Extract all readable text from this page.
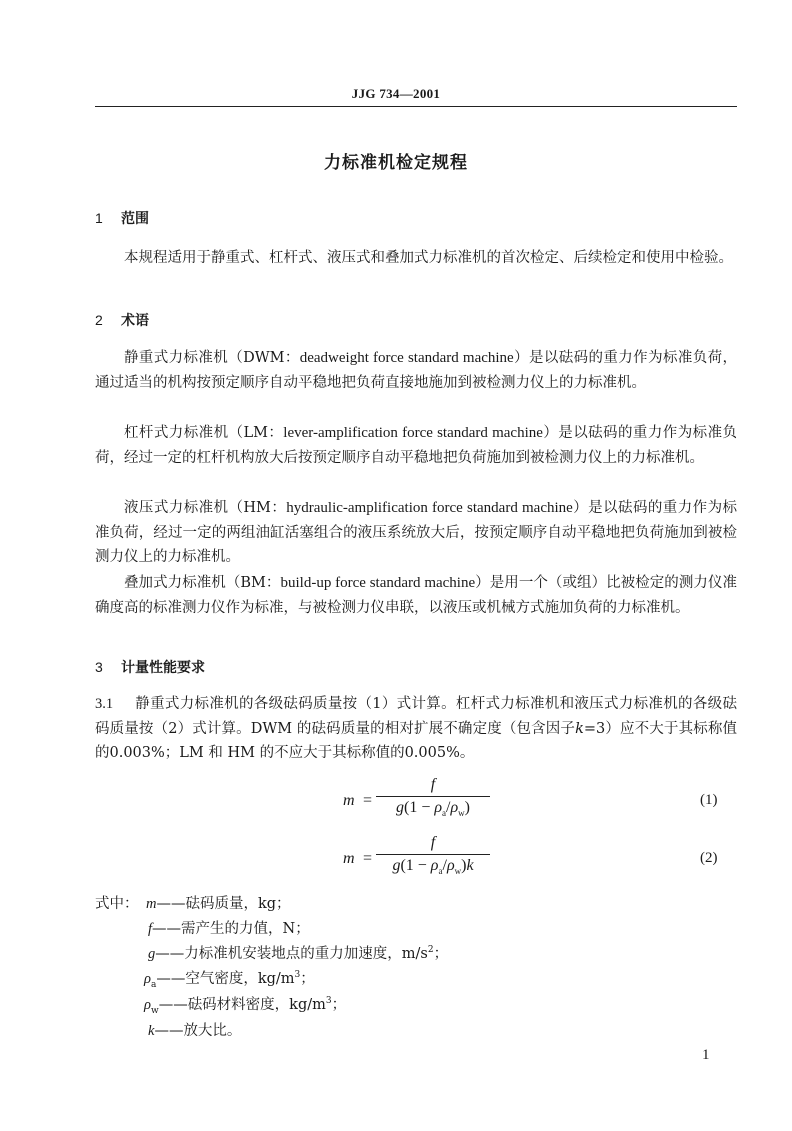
JJG 734—2001
力标准机检定规程
1 范围
本规程适用于静重式、杠杆式、液压式和叠加式力标准机的首次检定、后续检定和使用中检验。
2 术语
静重式力标准机（DWM：deadweight force standard machine）是以砝码的重力作为标准负荷，通过适当的机构按预定顺序自动平稳地把负荷直接地施加到被检测力仪上的力标准机。
杠杆式力标准机（LM：lever-amplification force standard machine）是以砝码的重力作为标准负荷，经过一定的杠杆机构放大后按预定顺序自动平稳地把负荷施加到被检测力仪上的力标准机。
液压式力标准机（HM：hydraulic-amplification force standard machine）是以砝码的重力作为标准负荷，经过一定的两组油缸活塞组合的液压系统放大后，按预定顺序自动平稳地把负荷施加到被检测力仪上的力标准机。
叠加式力标准机（BM：build-up force standard machine）是用一个（或组）比被检定的测力仪准确度高的标准测力仪作为标准，与被检测力仪串联，以液压或机械方式施加负荷的力标准机。
3 计量性能要求
3.1 静重式力标准机的各级砝码质量按（1）式计算。杠杆式力标准机和液压式力标准机的各级砝码质量按（2）式计算。DWM 的砝码质量的相对扩展不确定度（包含因子k=3）应不大于其标称值的0.003%；LM 和 HM 的不应大于其标称值的0.005%。
m =
f
$g(1 - \rho_a/\rho_w)$	(1)
m =
f
$g(1 - \rho_a/\rho_w)k$	(2)
式中： m——砝码质量，kg；
f——需产生的力值，N；
g——力标准机安装地点的重力加速度，$m/s^2$；
$\rho_a——$空气密度，$kg/m^3$；
$\rho_w——$砝码材料密度，$kg/m^3$；
k——放大比。
1
